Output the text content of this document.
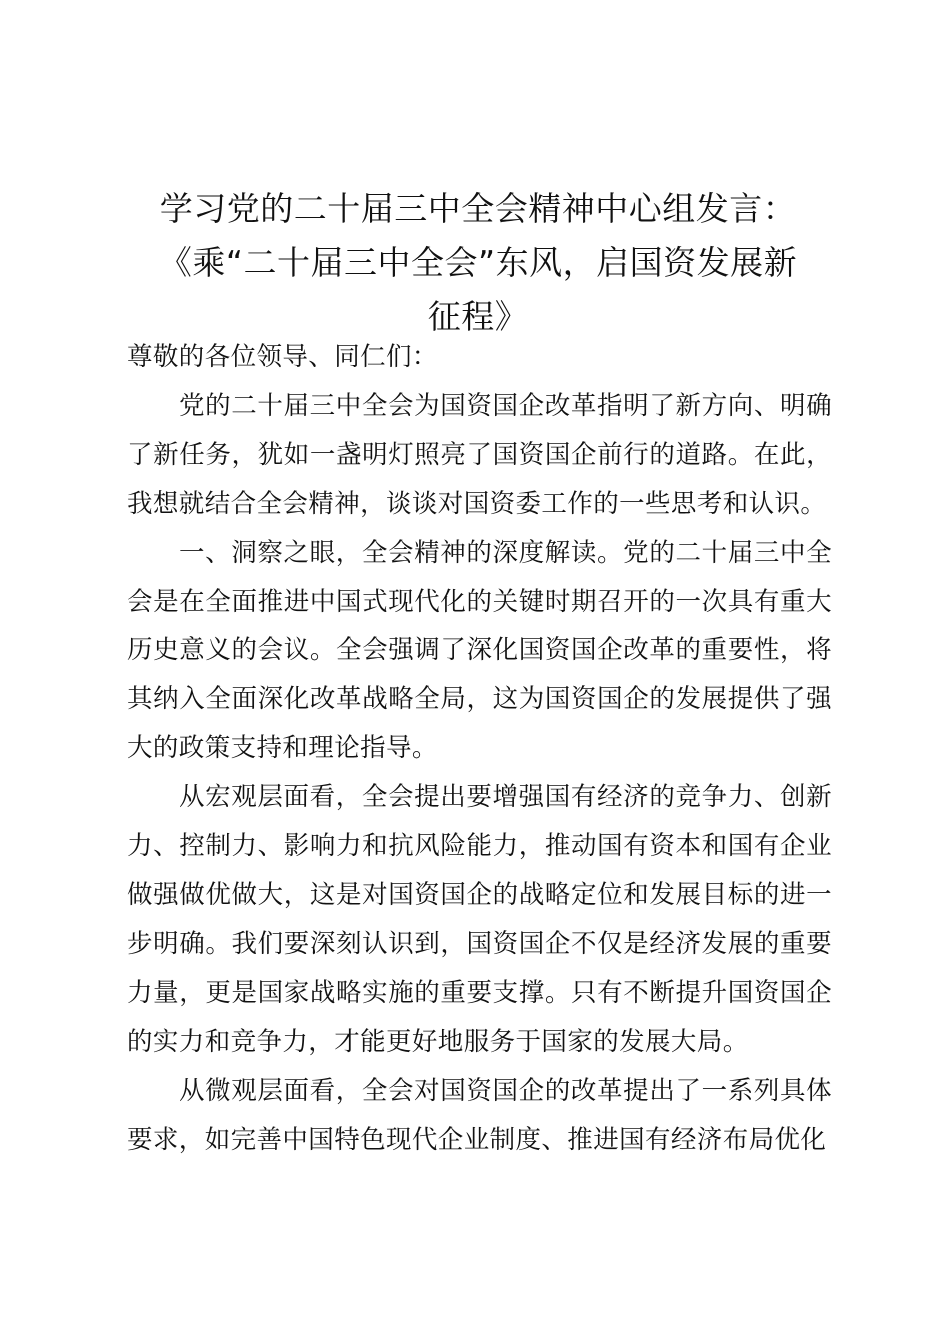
学习党的二十届三中全会精神中心组发言：
《乘“二十届三中全会”东风，启国资发展新
征程》

尊敬的各位领导、同仁们：

党的二十届三中全会为国资国企改革指明了新方向、明确了新任务，犹如一盏明灯照亮了国资国企前行的道路。在此，我想就结合全会精神，谈谈对国资委工作的一些思考和认识。

一、洞察之眼，全会精神的深度解读。党的二十届三中全会是在全面推进中国式现代化的关键时期召开的一次具有重大历史意义的会议。全会强调了深化国资国企改革的重要性，将其纳入全面深化改革战略全局，这为国资国企的发展提供了强大的政策支持和理论指导。

从宏观层面看，全会提出要增强国有经济的竞争力、创新力、控制力、影响力和抗风险能力，推动国有资本和国有企业做强做优做大，这是对国资国企的战略定位和发展目标的进一步明确。我们要深刻认识到，国资国企不仅是经济发展的重要力量，更是国家战略实施的重要支撑。只有不断提升国资国企的实力和竞争力，才能更好地服务于国家的发展大局。

从微观层面看，全会对国资国企的改革提出了一系列具体要求，如完善中国特色现代企业制度、推进国有经济布局优化
